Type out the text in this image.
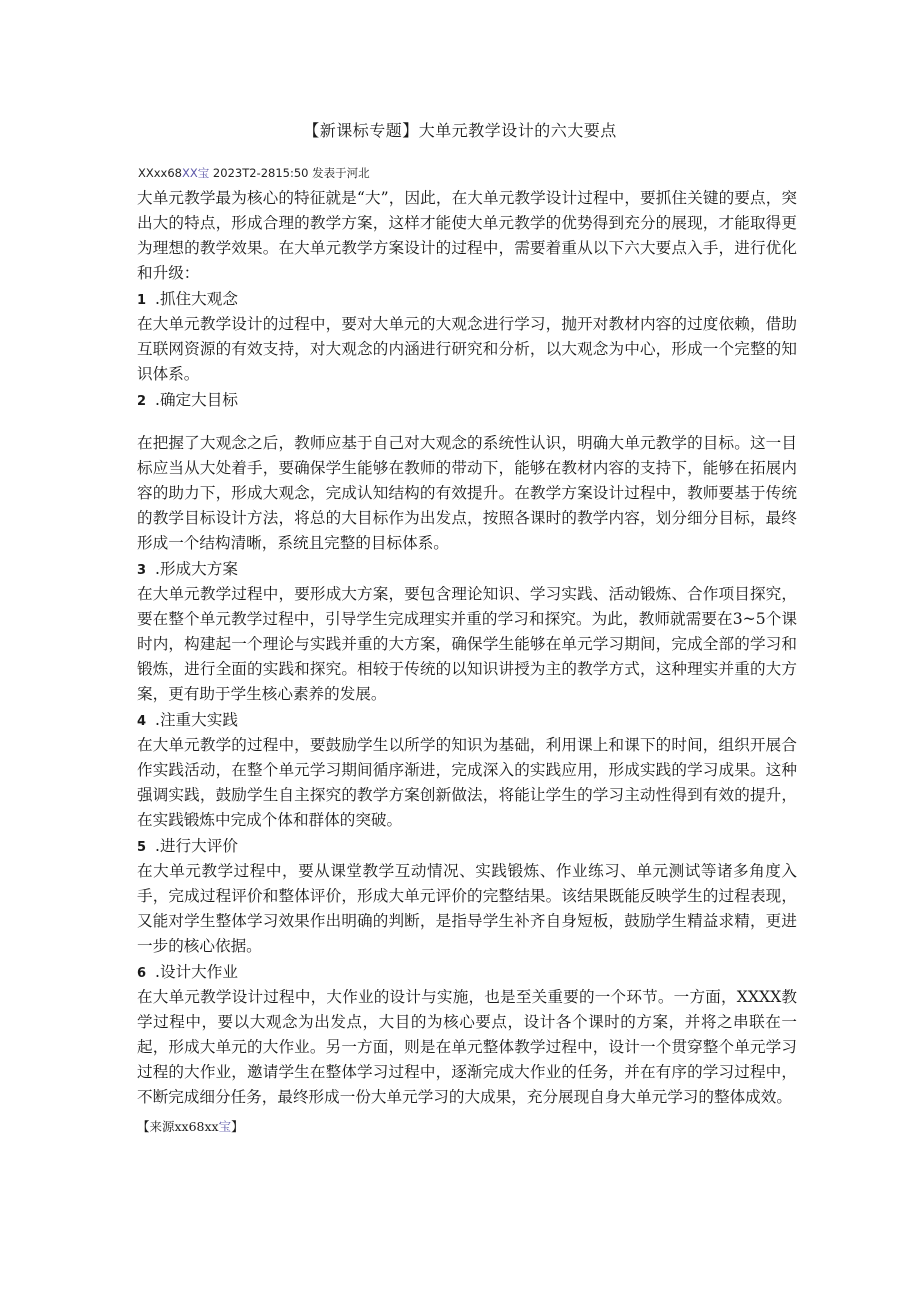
【新课标专题】大单元教学设计的六大要点
XXxx68XX宝 2023T2-2815:50 发表于河北

大单元教学最为核心的特征就是“大”，因此，在大单元教学设计过程中，要抓住关键的要点，突出大的特点，形成合理的教学方案，这样才能使大单元教学的优势得到充分的展现，才能取得更为理想的教学效果。在大单元教学方案设计的过程中，需要着重从以下六大要点入手，进行优化和升级：

1 .抓住大观念

在大单元教学设计的过程中，要对大单元的大观念进行学习，抛开对教材内容的过度依赖，借助互联网资源的有效支持，对大观念的内涵进行研究和分析，以大观念为中心，形成一个完整的知识体系。

2 .确定大目标

在把握了大观念之后，教师应基于自己对大观念的系统性认识，明确大单元教学的目标。这一目标应当从大处着手，要确保学生能够在教师的带动下，能够在教材内容的支持下，能够在拓展内容的助力下，形成大观念，完成认知结构的有效提升。在教学方案设计过程中，教师要基于传统的教学目标设计方法，将总的大目标作为出发点，按照各课时的教学内容，划分细分目标，最终形成一个结构清晰，系统且完整的目标体系。

3 .形成大方案

在大单元教学过程中，要形成大方案，要包含理论知识、学习实践、活动锻炼、合作项目探究，要在整个单元教学过程中，引导学生完成理实并重的学习和探究。为此，教师就需要在3~5个课时内，构建起一个理论与实践并重的大方案，确保学生能够在单元学习期间，完成全部的学习和锻炼，进行全面的实践和探究。相较于传统的以知识讲授为主的教学方式，这种理实并重的大方案，更有助于学生核心素养的发展。

4 .注重大实践

在大单元教学的过程中，要鼓励学生以所学的知识为基础，利用课上和课下的时间，组织开展合作实践活动，在整个单元学习期间循序渐进，完成深入的实践应用，形成实践的学习成果。这种强调实践，鼓励学生自主探究的教学方案创新做法，将能让学生的学习主动性得到有效的提升，在实践锻炼中完成个体和群体的突破。

5 .进行大评价

在大单元教学过程中，要从课堂教学互动情况、实践锻炼、作业练习、单元测试等诸多角度入手，完成过程评价和整体评价，形成大单元评价的完整结果。该结果既能反映学生的过程表现，又能对学生整体学习效果作出明确的判断，是指导学生补齐自身短板，鼓励学生精益求精，更进一步的核心依据。

6 .设计大作业

在大单元教学设计过程中，大作业的设计与实施，也是至关重要的一个环节。一方面，XXXX教学过程中，要以大观念为出发点，大目的为核心要点，设计各个课时的方案，并将之串联在一起，形成大单元的大作业。另一方面，则是在单元整体教学过程中，设计一个贯穿整个单元学习过程的大作业，邀请学生在整体学习过程中，逐渐完成大作业的任务，并在有序的学习过程中，不断完成细分任务，最终形成一份大单元学习的大成果，充分展现自身大单元学习的整体成效。

【来源xx68xx宝】
